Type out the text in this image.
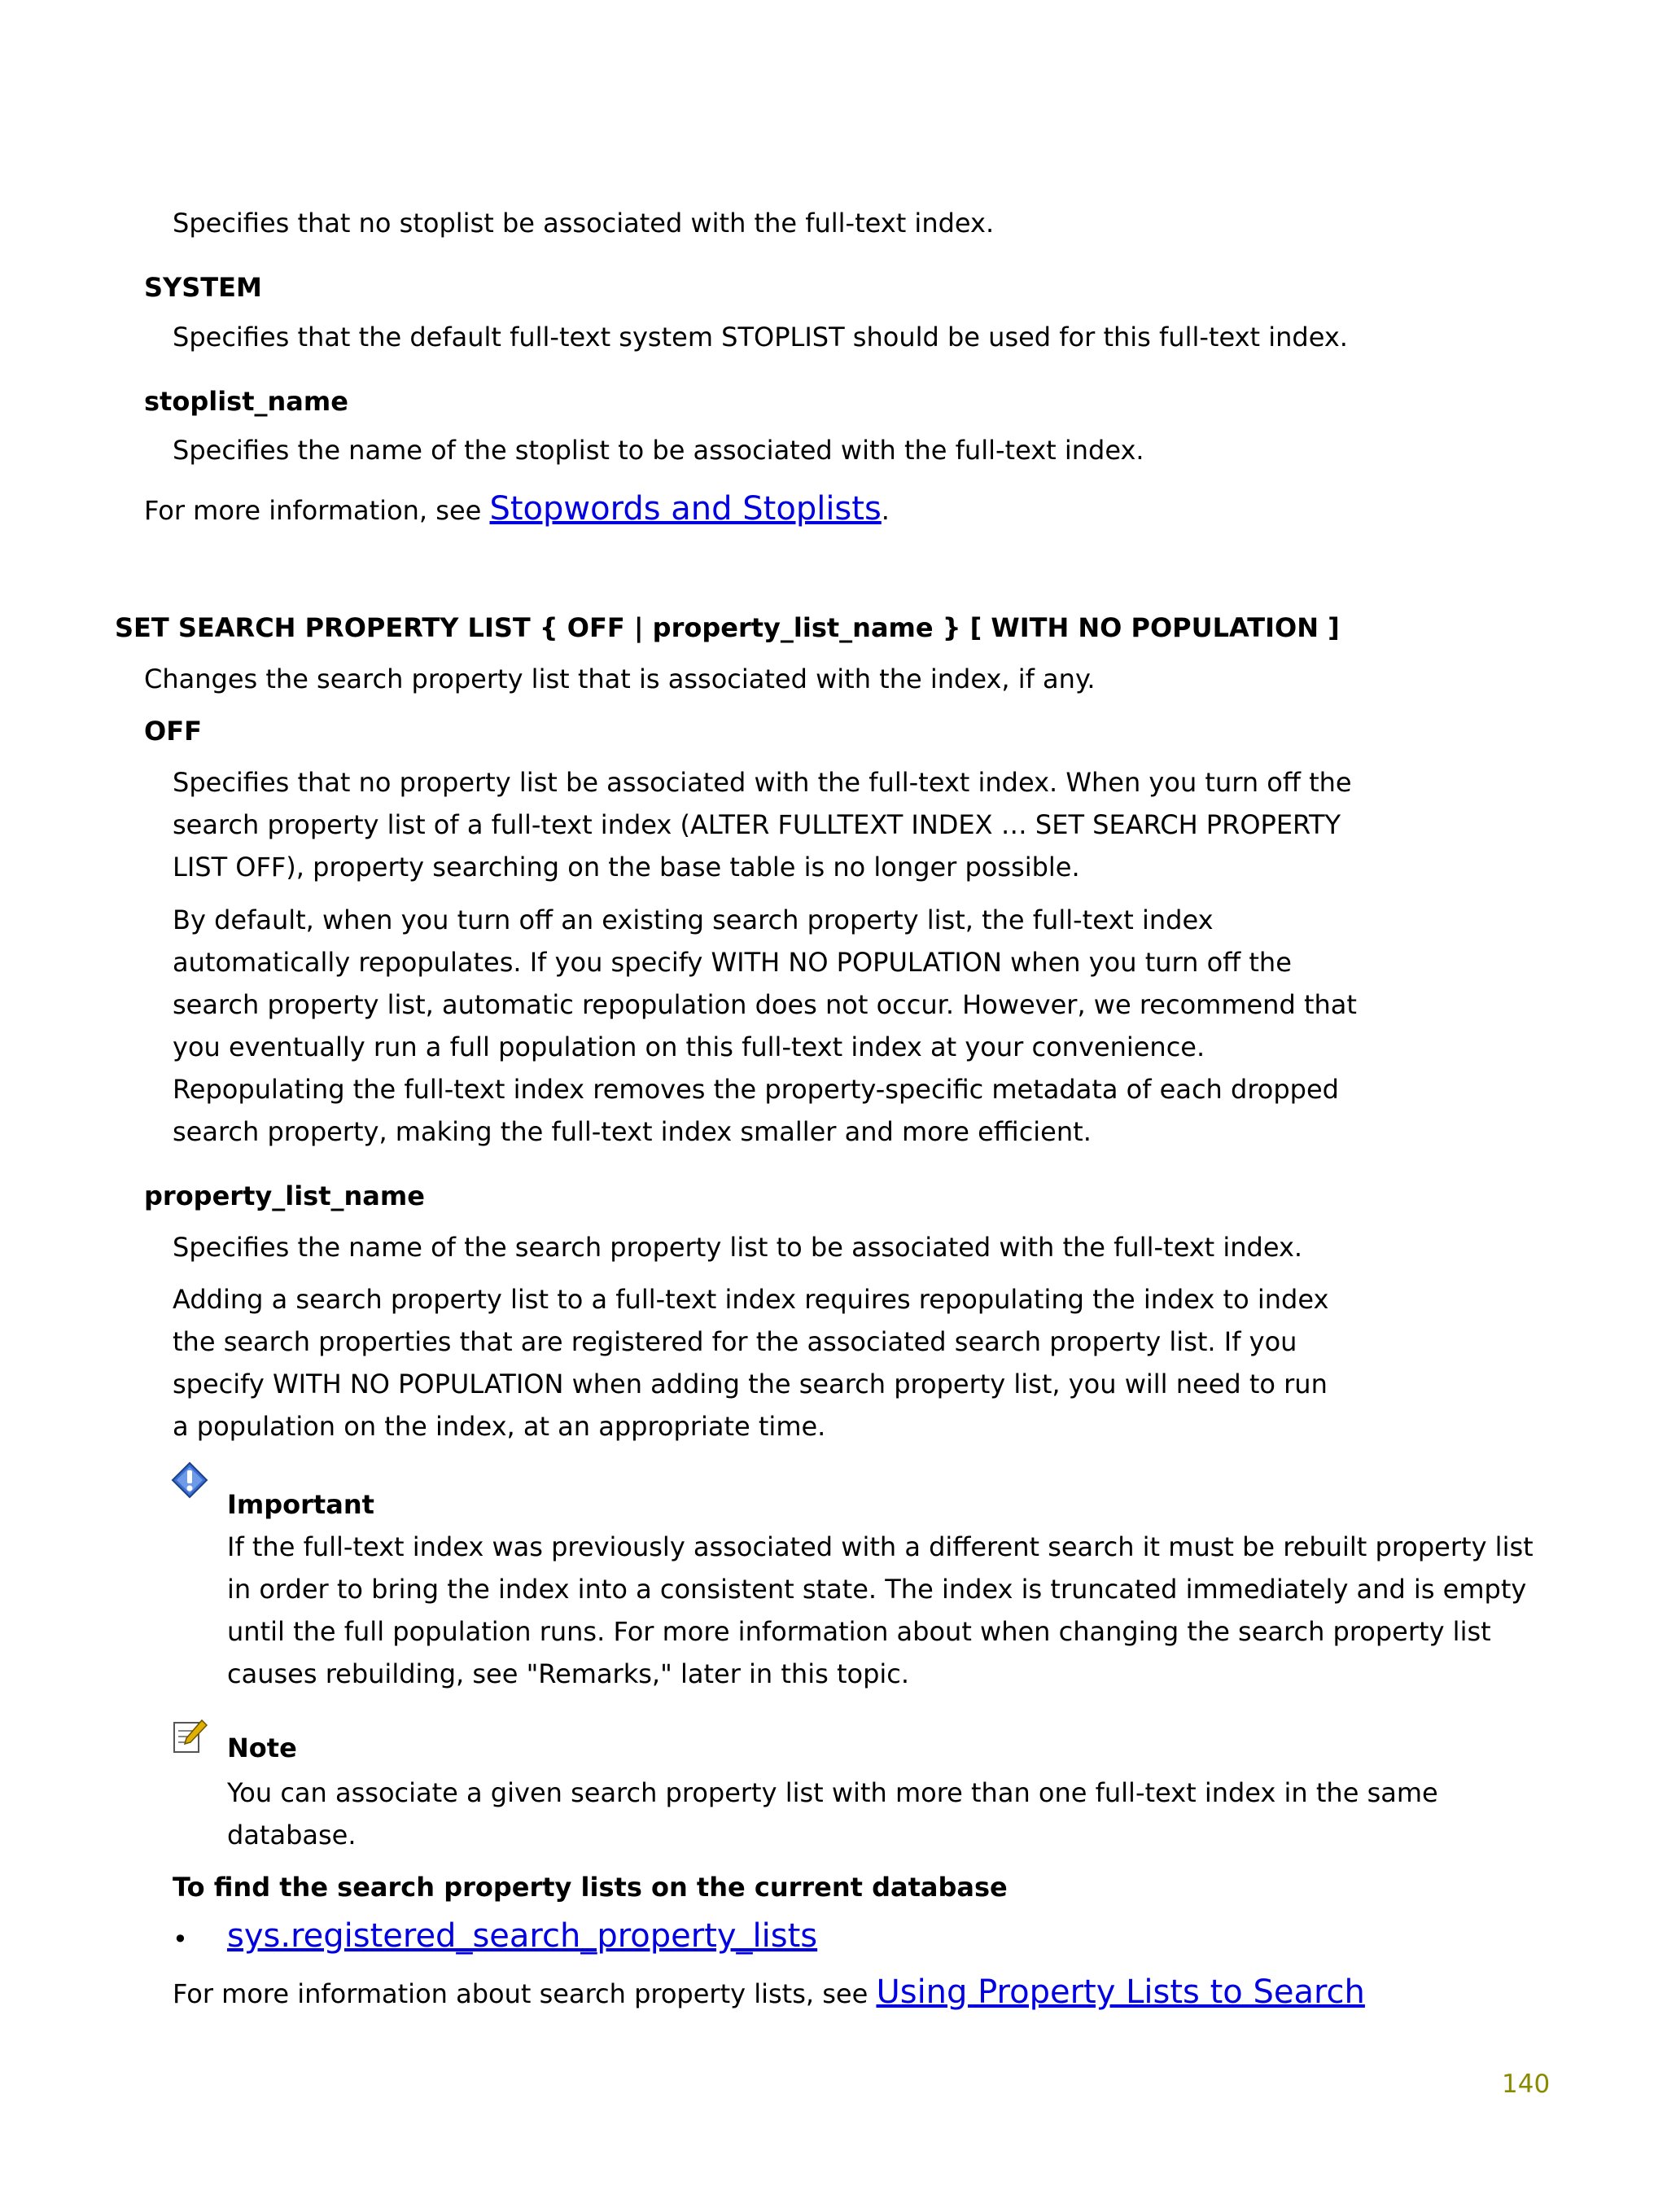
Specifies that no stoplist be associated with the full-text index.

SYSTEM

Specifies that the default full-text system STOPLIST should be used for this full-text index.

stoplist_name

Specifies the name of the stoplist to be associated with the full-text index.

For more information, see Stopwords and Stoplists.

SET SEARCH PROPERTY LIST { OFF | property_list_name } [ WITH NO POPULATION ]

Changes the search property list that is associated with the index, if any.

OFF

Specifies that no property list be associated with the full-text index. When you turn off the

search property list of a full-text index (ALTER FULLTEXT INDEX … SET SEARCH PROPERTY

LIST OFF), property searching on the base table is no longer possible.

By default, when you turn off an existing search property list, the full-text index

automatically repopulates. If you specify WITH NO POPULATION when you turn off the

search property list, automatic repopulation does not occur. However, we recommend that

you eventually run a full population on this full-text index at your convenience.

Repopulating the full-text index removes the property-specific metadata of each dropped

search property, making the full-text index smaller and more efficient.

property_list_name

Specifies the name of the search property list to be associated with the full-text index.

Adding a search property list to a full-text index requires repopulating the index to index

the search properties that are registered for the associated search property list. If you

specify WITH NO POPULATION when adding the search property list, you will need to run

a population on the index, at an appropriate time.

Important

If the full-text index was previously associated with a different search it must be rebuilt property list

in order to bring the index into a consistent state. The index is truncated immediately and is empty

until the full population runs. For more information about when changing the search property list

causes rebuilding, see "Remarks," later in this topic.

Note

You can associate a given search property list with more than one full-text index in the same

database.

To find the search property lists on the current database

• sys.registered_search_property_lists

For more information about search property lists, see Using Property Lists to Search

140
